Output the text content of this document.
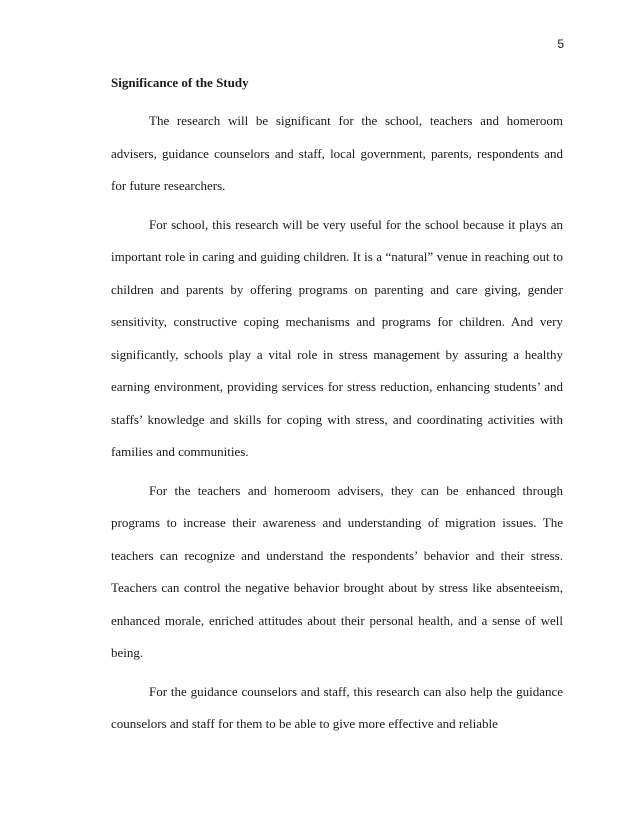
5
Significance of the Study

The research will be significant for the school, teachers and homeroom advisers, guidance counselors and staff, local government, parents, respondents and for future researchers.

For school, this research will be very useful for the school because it plays an important role in caring and guiding children. It is a “natural” venue in reaching out to children and parents by offering programs on parenting and care giving, gender sensitivity, constructive coping mechanisms and programs for children. And very significantly, schools play a vital role in stress management by assuring a healthy earning environment, providing services for stress reduction, enhancing students’ and staffs’ knowledge and skills for coping with stress, and coordinating activities with families and communities.

For the teachers and homeroom advisers, they can be enhanced through programs to increase their awareness and understanding of migration issues. The teachers can recognize and understand the respondents’ behavior and their stress. Teachers can control the negative behavior brought about by stress like absenteeism, enhanced morale, enriched attitudes about their personal health, and a sense of well being.

For the guidance counselors and staff, this research can also help the guidance counselors and staff for them to be able to give more effective and reliable
